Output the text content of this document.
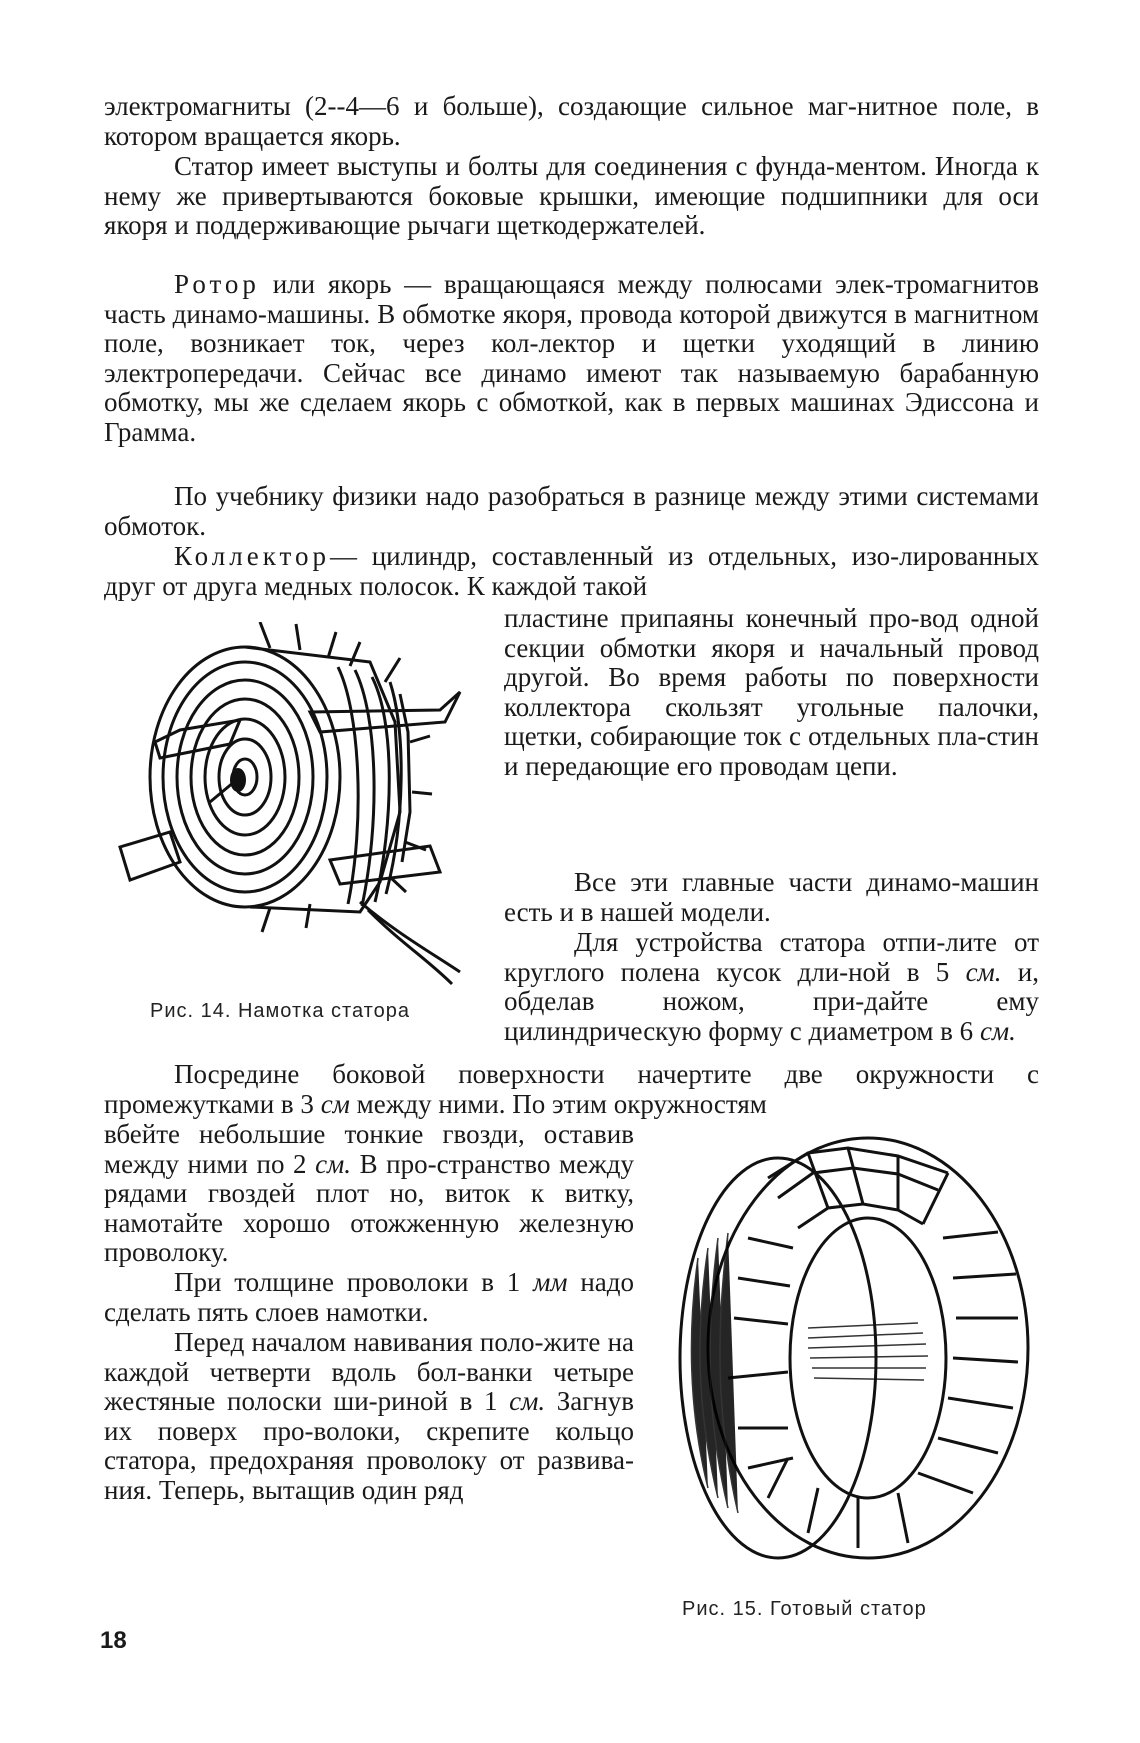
электромагниты (2--4—6 и больше), создающие сильное маг-нитное поле, в котором вращается якорь.

Статор имеет выступы и болты для соединения с фунда-ментом. Иногда к нему же привертываются боковые крышки, имеющие подшипники для оси якоря и поддерживающие рычаги щеткодержателей.

Ротор или якорь — вращающаяся между полюсами элек-тромагнитов часть динамо-машины. В обмотке якоря, провода которой движутся в магнитном поле, возникает ток, через кол-лектор и щетки уходящий в линию электропередачи. Сейчас все динамо имеют так называемую барабанную обмотку, мы же сделаем якорь с обмоткой, как в первых машинах Эдиссона и Грамма.

По учебнику физики надо разобраться в разнице между этими системами обмоток.

Коллектор— цилиндр, составленный из отдельных, изо-лированных друг от друга медных полосок. К каждой такой

Рис. 14. Намотка статора

пластине припаяны конечный про-вод одной секции обмотки якоря и начальный провод другой. Во время работы по поверхности коллектора скользят угольные палочки, щетки, собирающие ток с отдельных пла-стин и передающие его проводам цепи.

Все эти главные части динамо-машин есть и в нашей модели.

Для устройства статора отпи-лите от круглого полена кусок дли-ной в 5 см. и, обделав ножом, при-дайте ему цилиндрическую форму с диаметром в 6 см.

Посредине боковой поверхности начертите две окружности с промежутками в 3 см между ними. По этим окружностям

вбейте небольшие тонкие гвозди, оставив между ними по 2 см. В про-странство между рядами гвоздей плот но, виток к витку, намотайте хорошо отожженную железную проволоку.

При толщине проволоки в 1 мм надо сделать пять слоев намотки.

Перед началом навивания поло-жите на каждой четверти вдоль бол-ванки четыре жестяные полоски ши-риной в 1 см. Загнув их поверх про-волоки, скрепите кольцо статора, предохраняя проволоку от развива-ния. Теперь, вытащив один ряд

Рис. 15. Готовый статор
18
